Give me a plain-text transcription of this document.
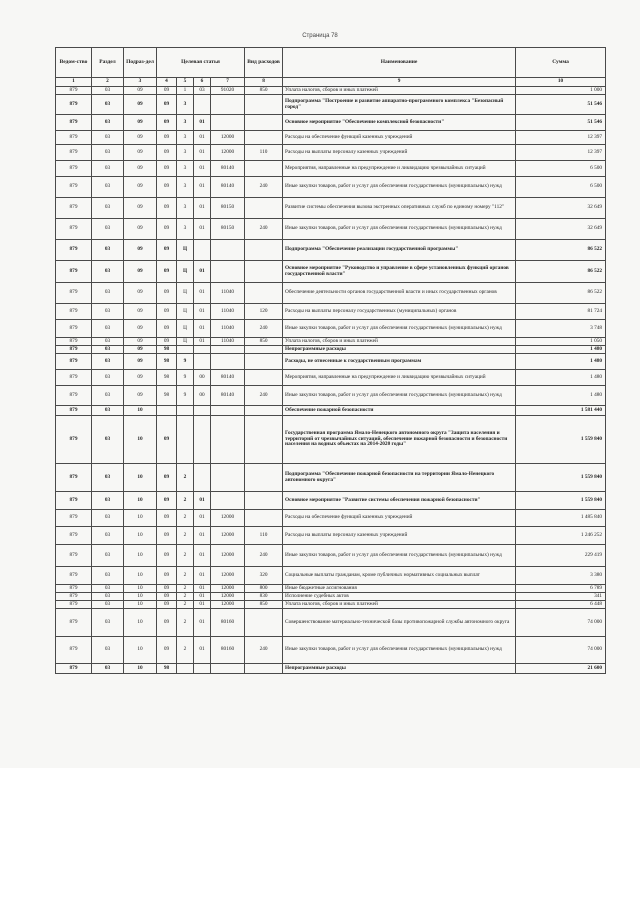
Страница 78
Ведом-ство	Раздел	Подраз-дел	Целевая статья				Вид расходов	Наименование	Сумма
1	2	3	4	5	6	7	8	9	10
879	03	09	09	1	03	91020	850	Уплата налогов, сборов и иных платежей	1 000
879	03	09	09	3				Подпрограмма "Построение и развитие аппаратно-программного комплекса "Безопасный город"	51 546
879	03	09	09	3	01			Основное мероприятие "Обеспечение комплексной безопасности"	51 546
879	03	09	09	3	01	12000		Расходы на обеспечение функций казенных учреждений	12 397
879	03	09	09	3	01	12000	110	Расходы на выплаты персоналу казенных учреждений	12 397
879	03	09	09	3	01	80140		Мероприятия, направленные на предупреждение и ликвидацию чрезвычайных ситуаций	6 500
879	03	09	09	3	01	80140	240	Иные закупки товаров, работ и услуг для обеспечения государственных (муниципальных) нужд	6 500
879	03	09	09	3	01	80150		Развитие системы обеспечения вызова экстренных оперативных служб по единому номеру "112"	32 649
879	03	09	09	3	01	80150	240	Иные закупки товаров, работ и услуг для обеспечения государственных (муниципальных) нужд	32 649
879	03	09	09	Ц				Подпрограмма "Обеспечение реализации государственной программы"	86 522
879	03	09	09	Ц	01			Основное мероприятие "Руководство и управление в сфере установленных функций органов государственной власти"	86 522
879	03	09	09	Ц	01	11040		Обеспечение деятельности органов государственной власти и иных государственных органов	86 522
879	03	09	09	Ц	01	11040	120	Расходы на выплаты персоналу государственных (муниципальных) органов	81 724
879	03	09	09	Ц	01	11040	240	Иные закупки товаров, работ и услуг для обеспечения государственных (муниципальных) нужд	3 748
879	03	09	09	Ц	01	11040	850	Уплата налогов, сборов и иных платежей	1 050
879	03	09	98					Непрограммные расходы	1 480
879	03	09	98	9				Расходы, не отнесенные к государственным программам	1 480
879	03	09	98	9	00	80140		Мероприятия, направленные на предупреждение и ликвидацию чрезвычайных ситуаций	1 480
879	03	09	98	9	00	80140	240	Иные закупки товаров, работ и услуг для обеспечения государственных (муниципальных) нужд	1 480
879	03	10						Обеспечение пожарной безопасности	1 581 440
879	03	10	09					Государственная программа Ямало-Ненецкого автономного округа "Защита населения и территорий от чрезвычайных ситуаций, обеспечение пожарной безопасности и безопасности населения на водных объектах на 2014-2020 годы"	1 559 840
879	03	10	09	2				Подпрограмма "Обеспечение пожарной безопасности на территории Ямало-Ненецкого автономного округа"	1 559 840
879	03	10	09	2	01			Основное мероприятие "Развитие системы обеспечения пожарной безопасности"	1 559 840
879	03	10	09	2	01	12000		Расходы на обеспечение функций казенных учреждений	1 485 840
879	03	10	09	2	01	12000	110	Расходы на выплаты персоналу казенных учреждений	1 246 252
879	03	10	09	2	01	12000	240	Иные закупки товаров, работ и услуг для обеспечения государственных (муниципальных) нужд	229 419
879	03	10	09	2	01	12000	320	Социальные выплаты гражданам, кроме публичных нормативных социальных выплат	3 380
879	03	10	09	2	01	12000	800	Иные бюджетные ассигнования	6 789
879	03	10	09	2	01	12000	830	Исполнение судебных актов	341
879	03	10	09	2	01	12000	850	Уплата налогов, сборов и иных платежей	6 448
879	03	10	09	2	01	80160		Совершенствование материально-технической базы противопожарной службы автономного округа	74 000
879	03	10	09	2	01	80160	240	Иные закупки товаров, работ и услуг для обеспечения государственных (муниципальных) нужд	74 000
879	03	10	98					Непрограммные расходы	21 600
